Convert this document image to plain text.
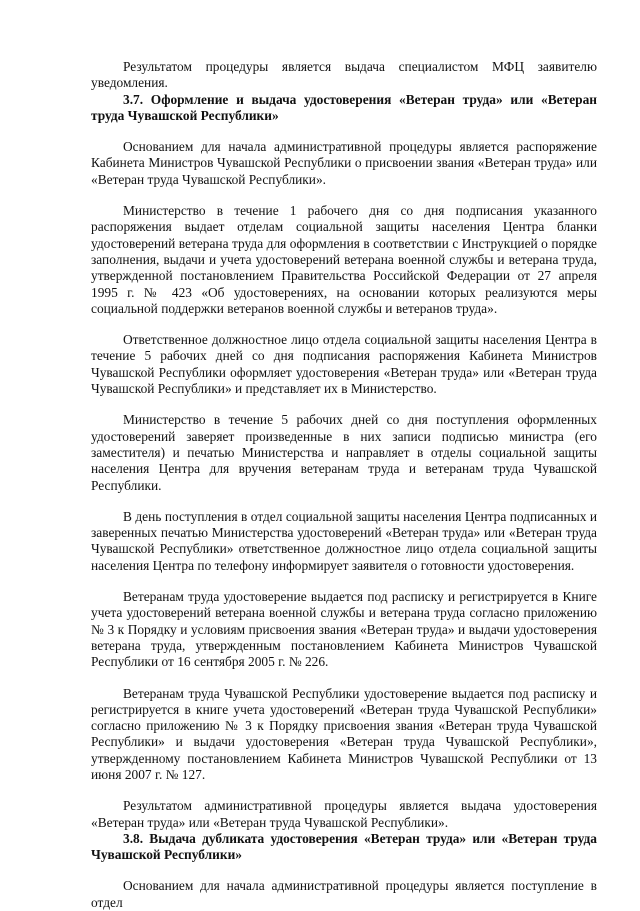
Результатом процедуры является выдача специалистом МФЦ заявителю уведомления.

3.7. Оформление и выдача удостоверения «Ветеран труда» или «Ветеран труда Чувашской Республики»

Основанием для начала административной процедуры является распоряжение Кабинета Министров Чувашской Республики о присвоении звания «Ветеран труда» или «Ветеран труда Чувашской Республики».

Министерство в течение 1 рабочего дня со дня подписания указанного распоряжения выдает отделам социальной защиты населения Центра бланки удостоверений ветерана труда для оформления в соответствии с Инструкцией о порядке заполнения, выдачи и учета удостоверений ветерана военной службы и ветерана труда, утвержденной постановлением Правительства Российской Федерации от 27 апреля 1995 г. № 423 «Об удостоверениях, на основании которых реализуются меры социальной поддержки ветеранов военной службы и ветеранов труда».

Ответственное должностное лицо отдела социальной защиты населения Центра в течение 5 рабочих дней со дня подписания распоряжения Кабинета Министров Чувашской Республики оформляет удостоверения «Ветеран труда» или «Ветеран труда Чувашской Республики» и представляет их в Министерство.

Министерство в течение 5 рабочих дней со дня поступления оформленных удостоверений заверяет произведенные в них записи подписью министра (его заместителя) и печатью Министерства и направляет в отделы социальной защиты населения Центра для вручения ветеранам труда и ветеранам труда Чувашской Республики.

В день поступления в отдел социальной защиты населения Центра подписанных и заверенных печатью Министерства удостоверений «Ветеран труда» или «Ветеран труда Чувашской Республики» ответственное должностное лицо отдела социальной защиты населения Центра по телефону информирует заявителя о готовности удостоверения.

Ветеранам труда удостоверение выдается под расписку и регистрируется в Книге учета удостоверений ветерана военной службы и ветерана труда согласно приложению № 3 к Порядку и условиям присвоения звания «Ветеран труда» и выдачи удостоверения ветерана труда, утвержденным постановлением Кабинета Министров Чувашской Республики от 16 сентября 2005 г. № 226.

Ветеранам труда Чувашской Республики удостоверение выдается под расписку и регистрируется в книге учета удостоверений «Ветеран труда Чувашской Республики» согласно приложению № 3 к Порядку присвоения звания «Ветеран труда Чувашской Республики» и выдачи удостоверения «Ветеран труда Чувашской Республики», утвержденному постановлением Кабинета Министров Чувашской Республики от 13 июня 2007 г. № 127.

Результатом административной процедуры является выдача удостоверения «Ветеран труда» или «Ветеран труда Чувашской Республики».

3.8. Выдача дубликата удостоверения «Ветеран труда» или «Ветеран труда Чувашской Республики»

Основанием для начала административной процедуры является поступление в отдел
